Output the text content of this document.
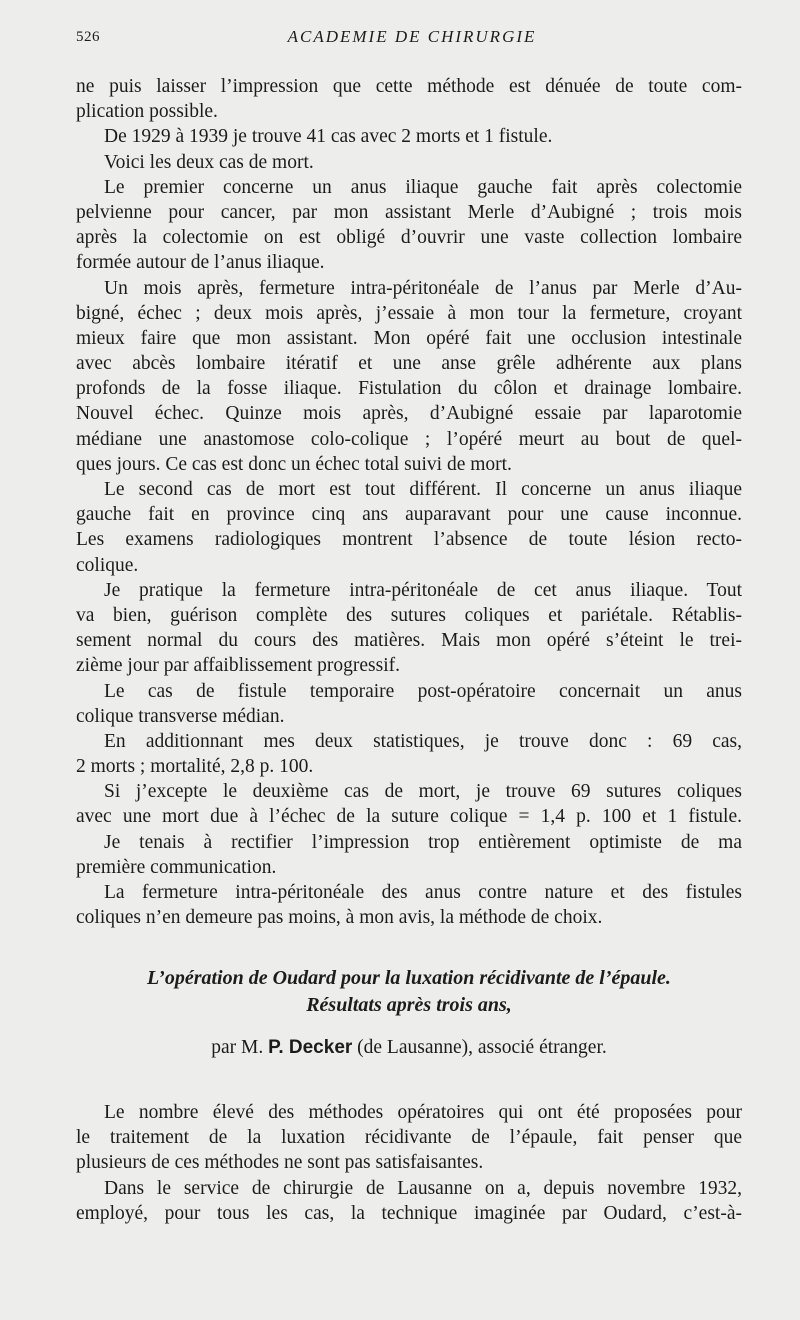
526	ACADEMIE DE CHIRURGIE
ne puis laisser l’impression que cette méthode est dénuée de toute com-
plication possible.
De 1929 à 1939 je trouve 41 cas avec 2 morts et 1 fistule.
Voici les deux cas de mort.
Le premier concerne un anus iliaque gauche fait après colectomie
pelvienne pour cancer, par mon assistant Merle d’Aubigné ; trois mois
après la colectomie on est obligé d’ouvrir une vaste collection lombaire
formée autour de l’anus iliaque.
Un mois après, fermeture intra-péritonéale de l’anus par Merle d’Au-
bigné, échec ; deux mois après, j’essaie à mon tour la fermeture, croyant
mieux faire que mon assistant. Mon opéré fait une occlusion intestinale
avec abcès lombaire itératif et une anse grêle adhérente aux plans
profonds de la fosse iliaque. Fistulation du côlon et drainage lombaire.
Nouvel échec. Quinze mois après, d’Aubigné essaie par laparotomie
médiane une anastomose colo-colique ; l’opéré meurt au bout de quel-
ques jours. Ce cas est donc un échec total suivi de mort.
Le second cas de mort est tout différent. Il concerne un anus iliaque
gauche fait en province cinq ans auparavant pour une cause inconnue.
Les examens radiologiques montrent l’absence de toute lésion recto-
colique.
Je pratique la fermeture intra-péritonéale de cet anus iliaque. Tout
va bien, guérison complète des sutures coliques et pariétale. Rétablis-
sement normal du cours des matières. Mais mon opéré s’éteint le trei-
zième jour par affaiblissement progressif.
Le cas de fistule temporaire post-opératoire concernait un anus
colique transverse médian.
En additionnant mes deux statistiques, je trouve donc : 69 cas,
2 morts ; mortalité, 2,8 p. 100.
Si j’excepte le deuxième cas de mort, je trouve 69 sutures coliques
avec une mort due à l’échec de la suture colique = 1,4 p. 100 et 1 fistule.
Je tenais à rectifier l’impression trop entièrement optimiste de ma
première communication.
La fermeture intra-péritonéale des anus contre nature et des fistules
coliques n’en demeure pas moins, à mon avis, la méthode de choix.
L’opération de Oudard pour la luxation récidivante de l’épaule.
Résultats après trois ans,
par M. P. Decker (de Lausanne), associé étranger.
Le nombre élevé des méthodes opératoires qui ont été proposées pour
le traitement de la luxation récidivante de l’épaule, fait penser que
plusieurs de ces méthodes ne sont pas satisfaisantes.
Dans le service de chirurgie de Lausanne on a, depuis novembre 1932,
employé, pour tous les cas, la technique imaginée par Oudard, c’est-à-
